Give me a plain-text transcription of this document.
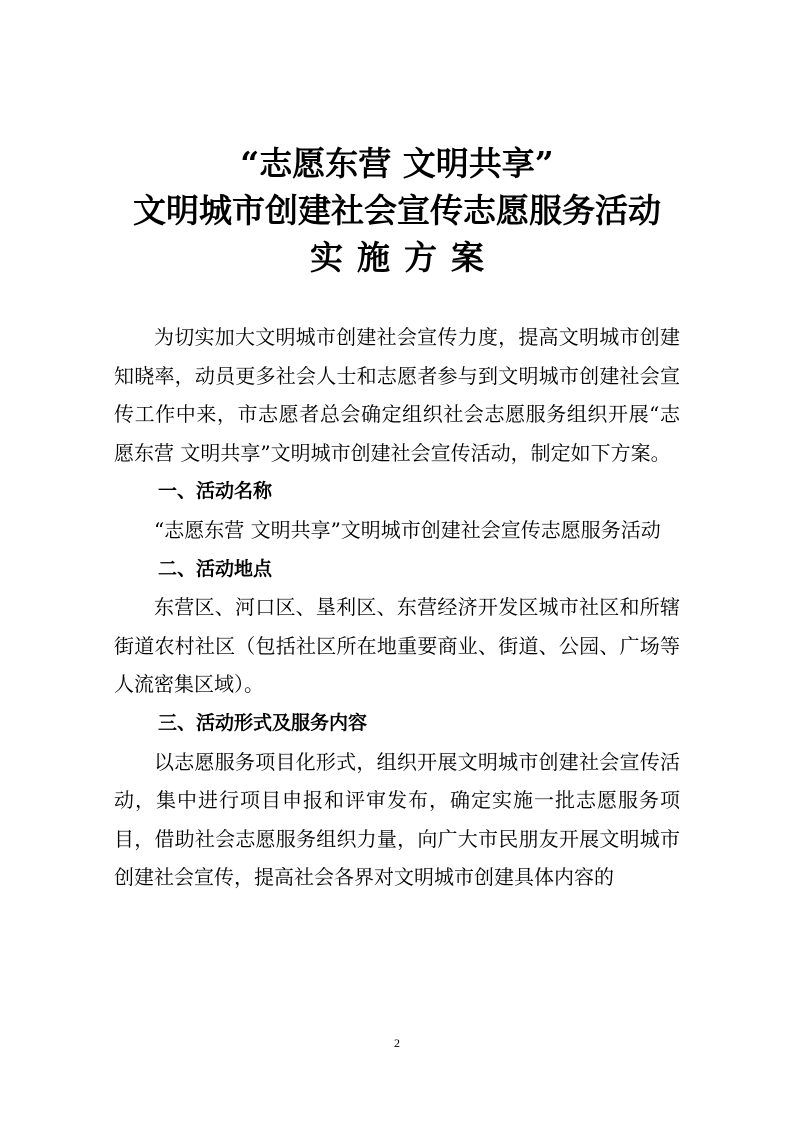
“志愿东营 文明共享”
文明城市创建社会宣传志愿服务活动
实施方案

为切实加大文明城市创建社会宣传力度，提高文明城市创建知晓率，动员更多社会人士和志愿者参与到文明城市创建社会宣传工作中来，市志愿者总会确定组织社会志愿服务组织开展“志愿东营 文明共享”文明城市创建社会宣传活动，制定如下方案。

一、活动名称

“志愿东营 文明共享”文明城市创建社会宣传志愿服务活动

二、活动地点

东营区、河口区、垦利区、东营经济开发区城市社区和所辖街道农村社区（包括社区所在地重要商业、街道、公园、广场等人流密集区域）。

三、活动形式及服务内容

以志愿服务项目化形式，组织开展文明城市创建社会宣传活动，集中进行项目申报和评审发布，确定实施一批志愿服务项目，借助社会志愿服务组织力量，向广大市民朋友开展文明城市创建社会宣传，提高社会各界对文明城市创建具体内容的

2
